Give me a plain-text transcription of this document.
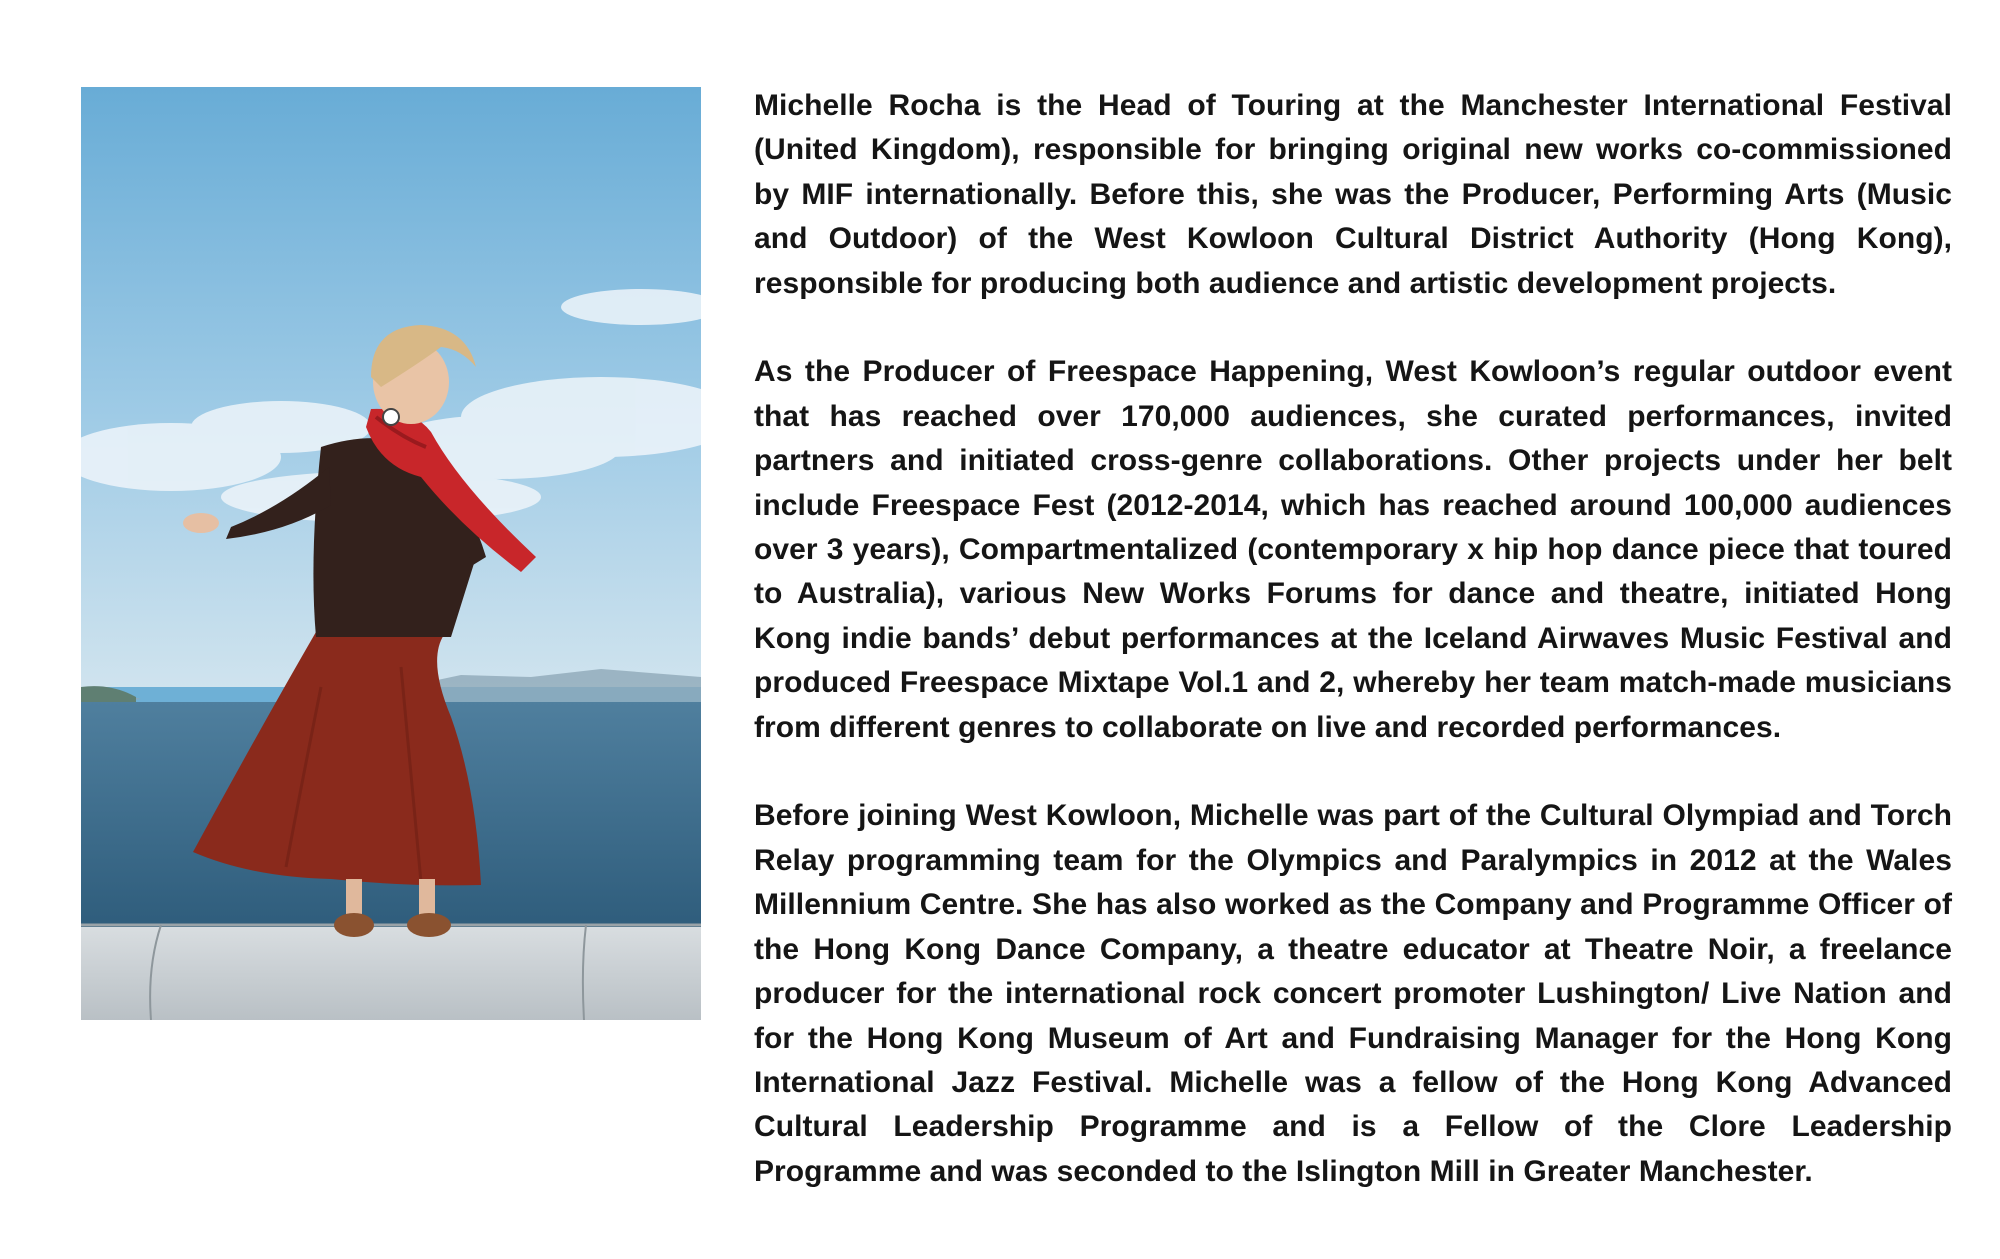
Michelle Rocha is the Head of Touring at the Manchester International Festival (United Kingdom), responsible for bringing original new works co-commissioned by MIF internationally. Before this, she was the Producer, Performing Arts (Music and Outdoor) of the West Kowloon Cultural District Authority (Hong Kong), responsible for producing both audience and artistic development projects.

As the Producer of Freespace Happening, West Kowloon’s regular outdoor event that has reached over 170,000 audiences, she curated performances, invited partners and initiated cross-genre collaborations. Other projects under her belt include Freespace Fest (2012-2014, which has reached around 100,000 audiences over 3 years), Compartmentalized (contemporary x hip hop dance piece that toured to Australia), various New Works Forums for dance and theatre, initiated Hong Kong indie bands’ debut performances at the Iceland Airwaves Music Festival and produced Freespace Mixtape Vol.1 and 2, whereby her team match-made musicians from different genres to collaborate on live and recorded performances.

Before joining West Kowloon, Michelle was part of the Cultural Olympiad and Torch Relay programming team for the Olympics and Paralympics in 2012 at the Wales Millennium Centre. She has also worked as the Company and Programme Officer of the Hong Kong Dance Company, a theatre educator at Theatre Noir, a freelance producer for the international rock concert promoter Lushington/ Live Nation and for the Hong Kong Museum of Art and Fundraising Manager for the Hong Kong International Jazz Festival. Michelle was a fellow of the Hong Kong Advanced Cultural Leadership Programme and is a Fellow of the Clore Leadership Programme and was seconded to the Islington Mill in Greater Manchester.
